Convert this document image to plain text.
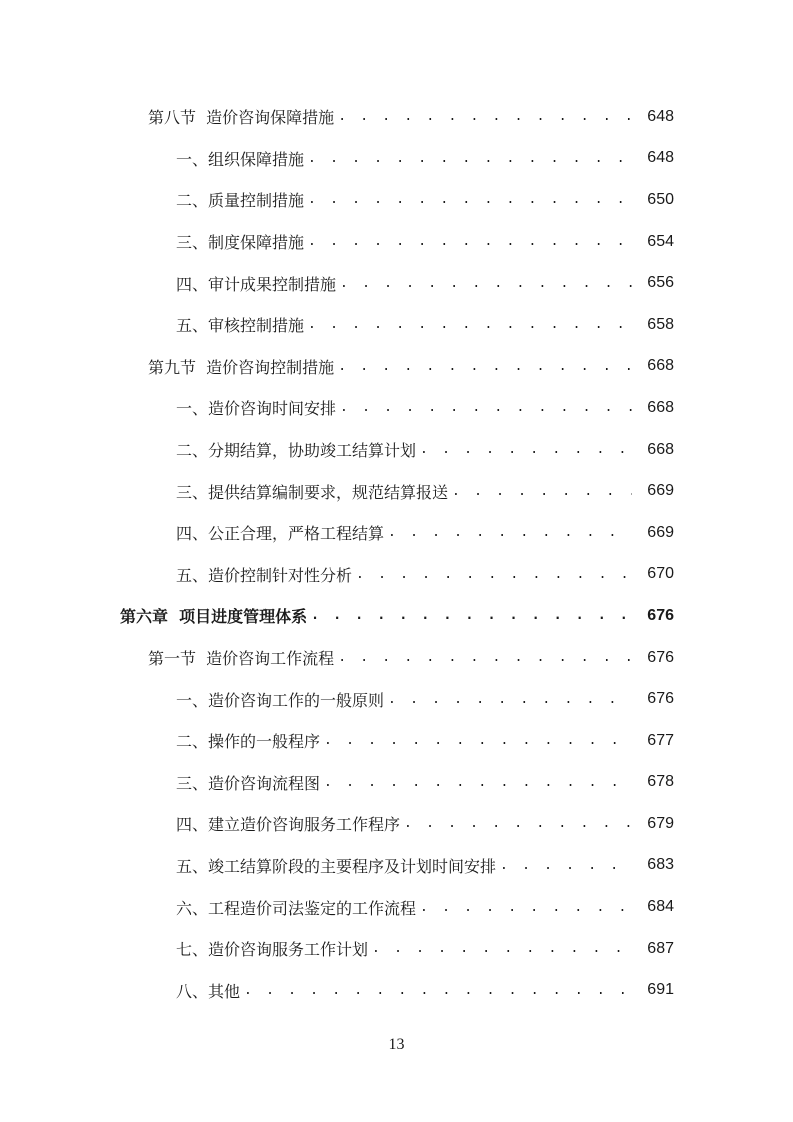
第八节  造价咨询保障措施 . . .	648
一、组织保障措施 . . .	648
二、质量控制措施 . . .	650
三、制度保障措施 . . .	654
四、审计成果控制措施 . . .	656
五、审核控制措施 . . .	658
第九节  造价咨询控制措施 . . .	668
一、造价咨询时间安排 . . .	668
二、分期结算，协助竣工结算计划 . . .	668
三、提供结算编制要求，规范结算报送 . . .	669
四、公正合理，严格工程结算 . . .	669
五、造价控制针对性分析 . . .	670
第六章  项目进度管理体系 . . .	676
第一节  造价咨询工作流程 . . .	676
一、造价咨询工作的一般原则 . . .	676
二、操作的一般程序 . . .	677
三、造价咨询流程图 . . .	678
四、建立造价咨询服务工作程序 . . .	679
五、竣工结算阶段的主要程序及计划时间安排 . . .	683
六、工程造价司法鉴定的工作流程 . . .	684
七、造价咨询服务工作计划 . . .	687
八、其他 . . .	691
13
